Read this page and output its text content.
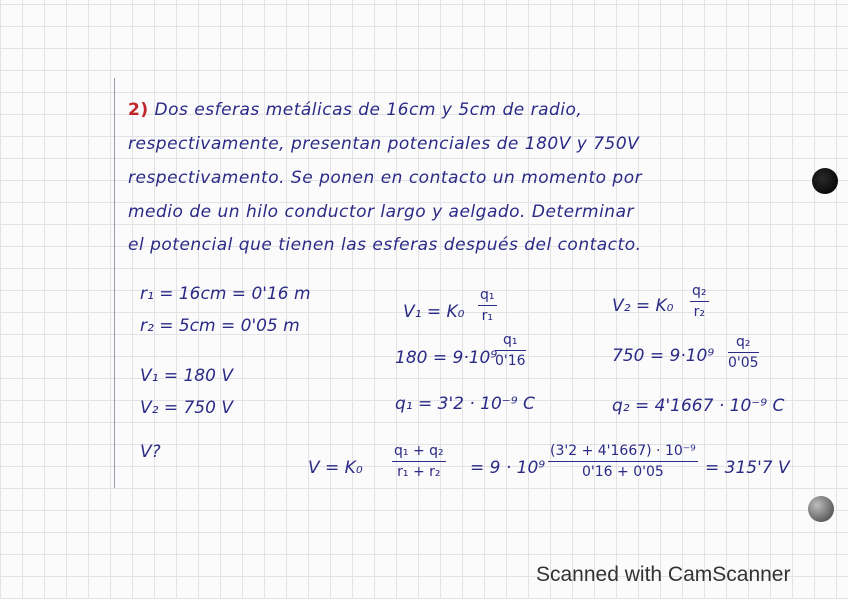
2) Dos esferas metálicas de 16cm y 5cm de radio,
respectivamente, presentan potenciales de 180V y 750V
respectivamento. Se ponen en contacto un momento por
medio de un hilo conductor largo y aelgado. Determinar
el potencial que tienen las esferas después del contacto.
r₁ = 16cm = 0'16 m
r₂ = 5cm = 0'05 m
V₁ = 180 V
V₂ = 750 V
V?
$V_1 = K_0 \frac{\text{q₁}}{\text{r₁}}$
180 = 9·10⁹
$\frac{\text{q₁}}{0'16}$
q₁ = 3'2 · 10⁻⁹ C
$V_2 = K_0 \frac{\text{q₂}}{\text{r₂}}$
$750 = 9\cdot 10^9 \frac{\text{q₂}}{0'05}$
q₂ = 4'1667 · 10⁻⁹ C
$V = K_0 \frac{\text{q₁ + q₂}}{\text{r₁ + r₂}} = 9 \cdot 10^9 \frac{\text{(3'2 + 4'1667) · 10⁻⁹}}{0'16 + 0'05} = 315'7$ V
Scanned with CamScanner
